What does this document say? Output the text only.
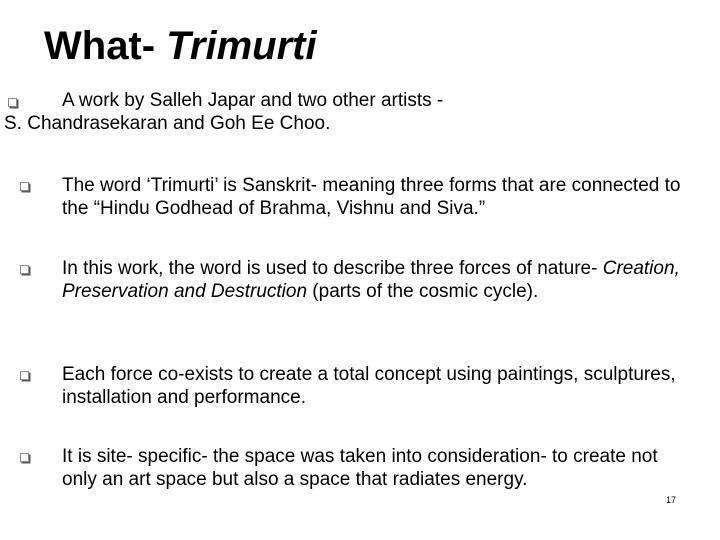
What- Trimurti
A work by Salleh Japar and two other artists -
S. Chandrasekaran and Goh Ee Choo.
The word ‘Trimurti’ is Sanskrit- meaning three forms that are connected to the “Hindu Godhead of Brahma, Vishnu and Siva.”
In this work, the word is used to describe three forces of nature- Creation, Preservation and Destruction (parts of the cosmic cycle).
Each force co-exists to create a total concept using paintings, sculptures, installation and performance.
It is site- specific- the space was taken into consideration- to create not only an art space but also a space that radiates energy.
17
